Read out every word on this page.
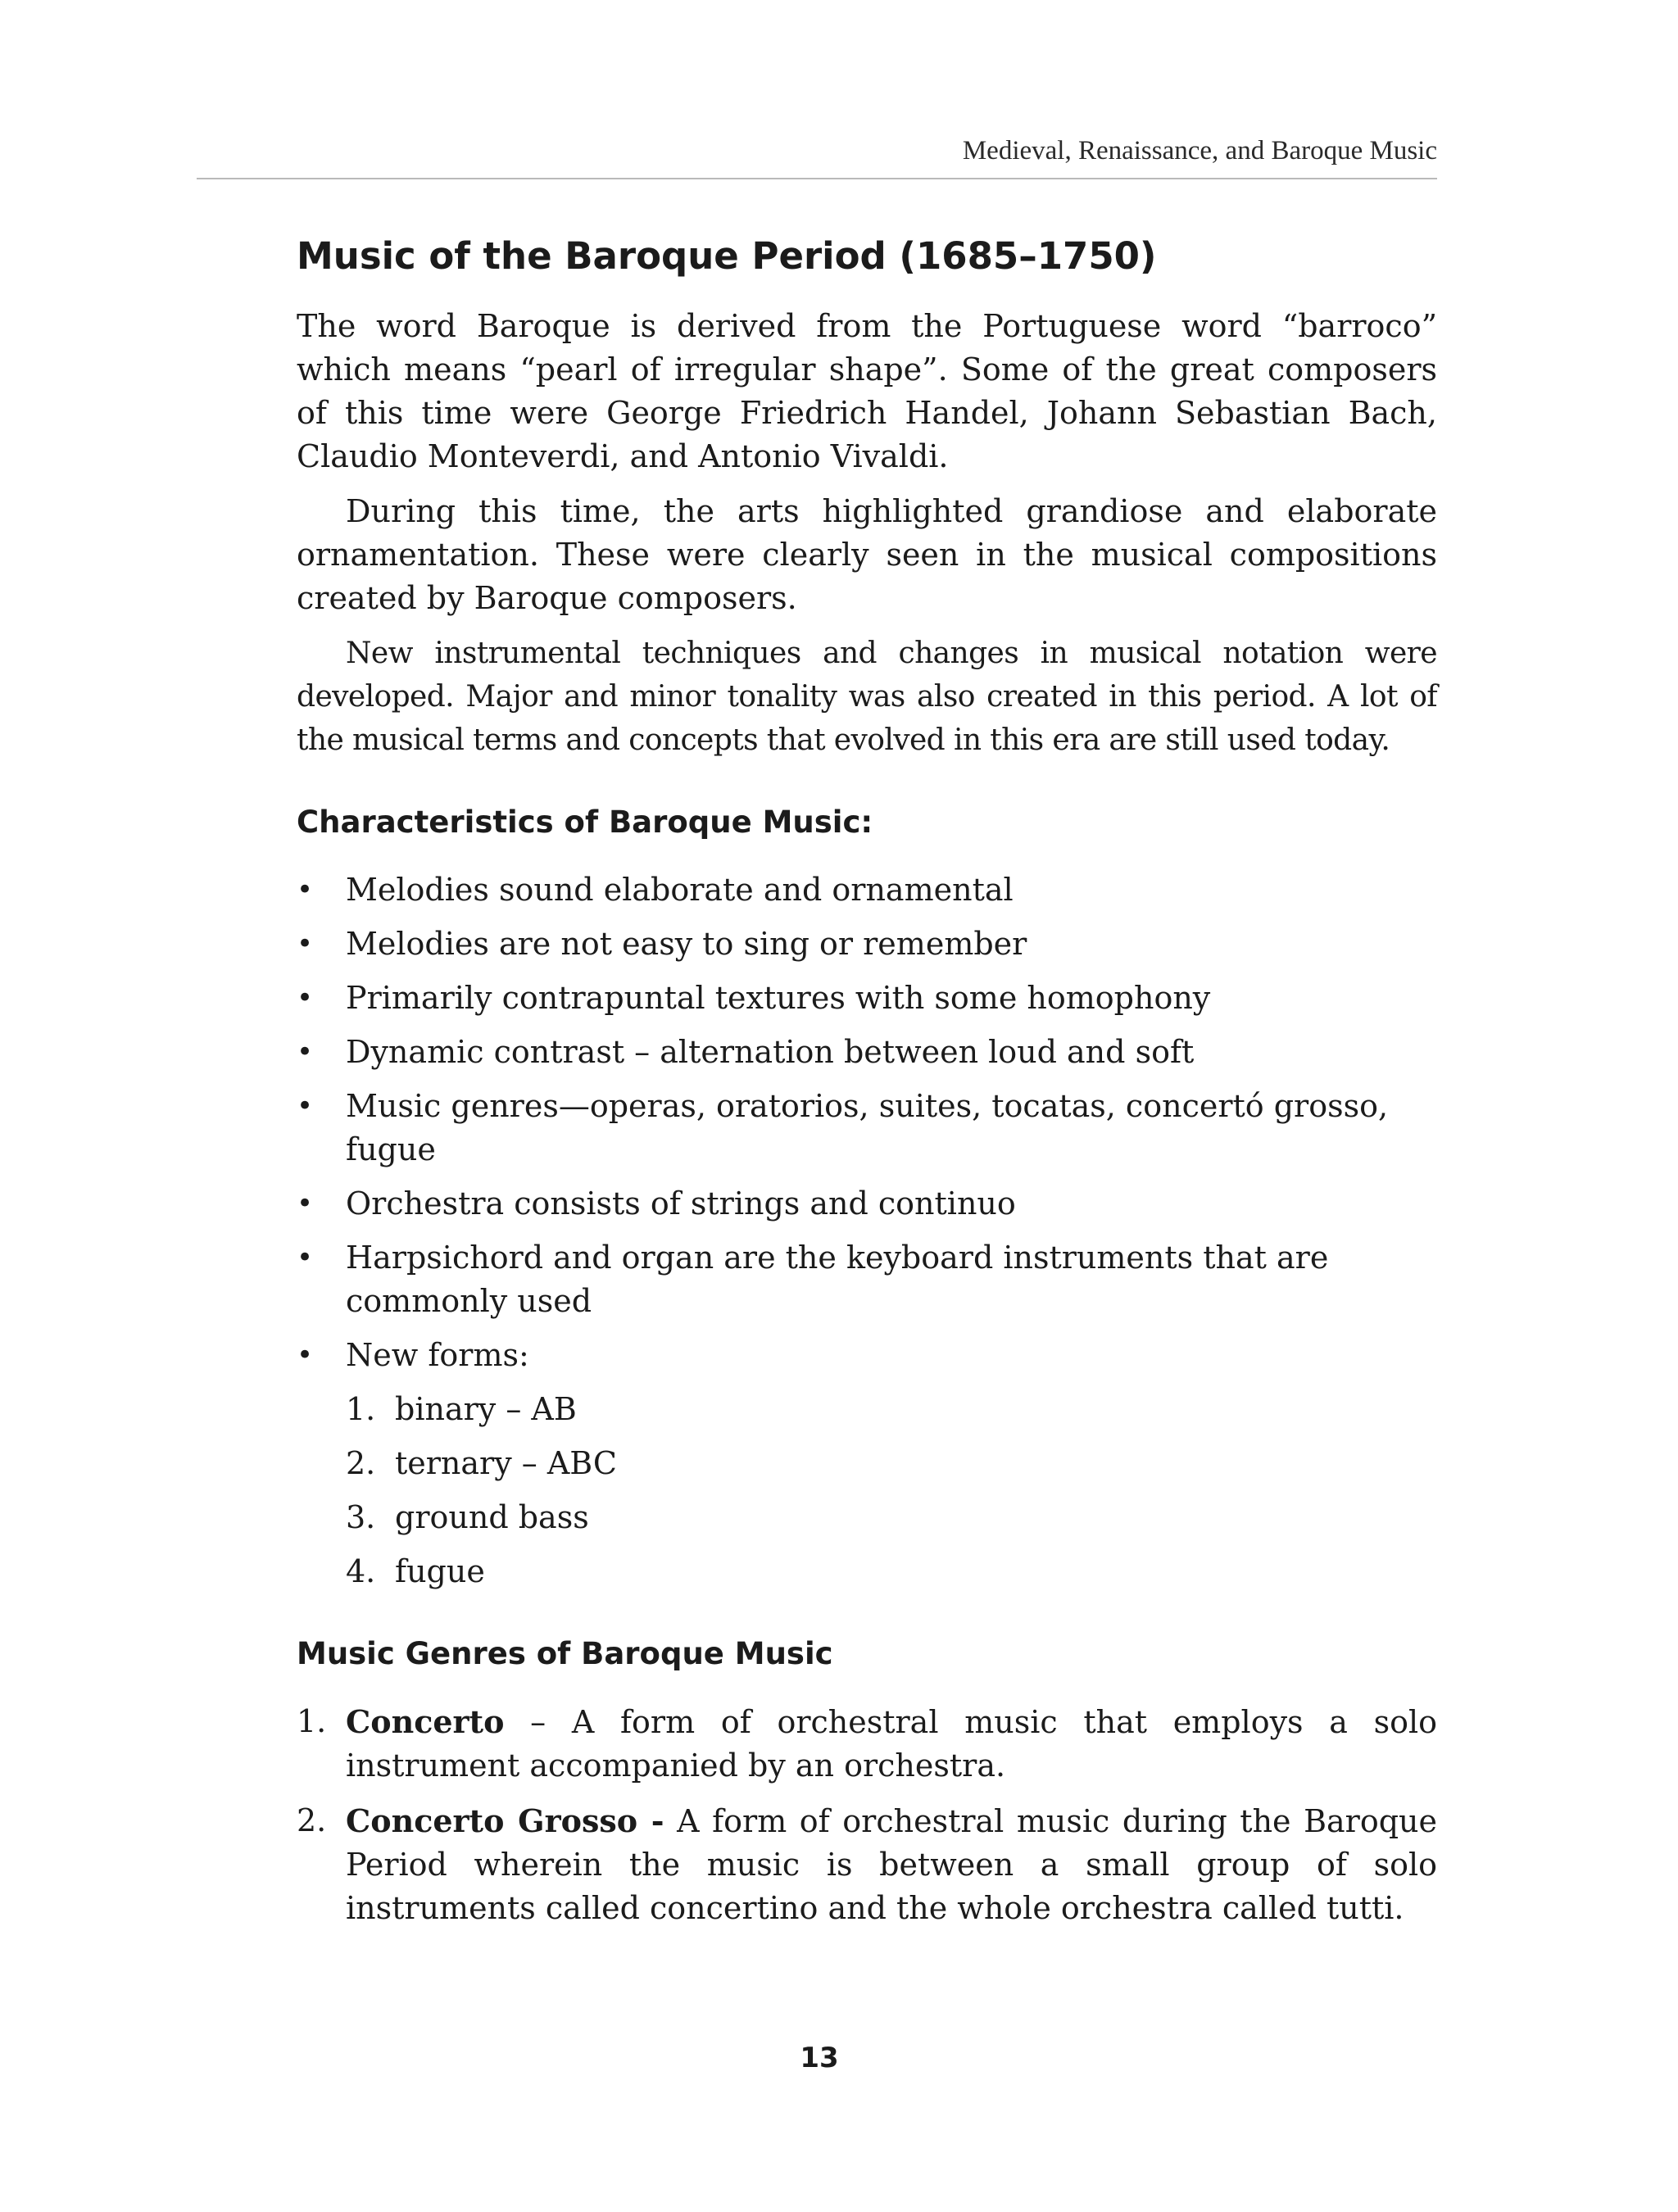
Medieval, Renaissance, and Baroque Music
Music of the Baroque Period (1685–1750)

The word Baroque is derived from the Portuguese word “barroco” which means “pearl of irregular shape”. Some of the great composers of this time were George Friedrich Handel, Johann Sebastian Bach, Claudio Monteverdi, and Antonio Vivaldi.

During this time, the arts highlighted grandiose and elaborate ornamentation. These were clearly seen in the musical compositions created by Baroque composers.

New instrumental techniques and changes in musical notation were developed. Major and minor tonality was also created in this period. A lot of the musical terms and concepts that evolved in this era are still used today.

Characteristics of Baroque Music:
• Melodies sound elaborate and ornamental
• Melodies are not easy to sing or remember
• Primarily contrapuntal textures with some homophony
• Dynamic contrast – alternation between loud and soft
• Music genres—operas, oratorios, suites, tocatas, concertó grosso, fugue
• Orchestra consists of strings and continuo
• Harpsichord and organ are the keyboard instruments that are commonly used
• New forms:
1. binary – AB
2. ternary – ABC
3. ground bass
4. fugue
Music Genres of Baroque Music
1. Concerto – A form of orchestral music that employs a solo instrument accompanied by an orchestra.
2. Concerto Grosso - A form of orchestral music during the Baroque Period wherein the music is between a small group of solo instruments called concertino and the whole orchestra called tutti.
13
